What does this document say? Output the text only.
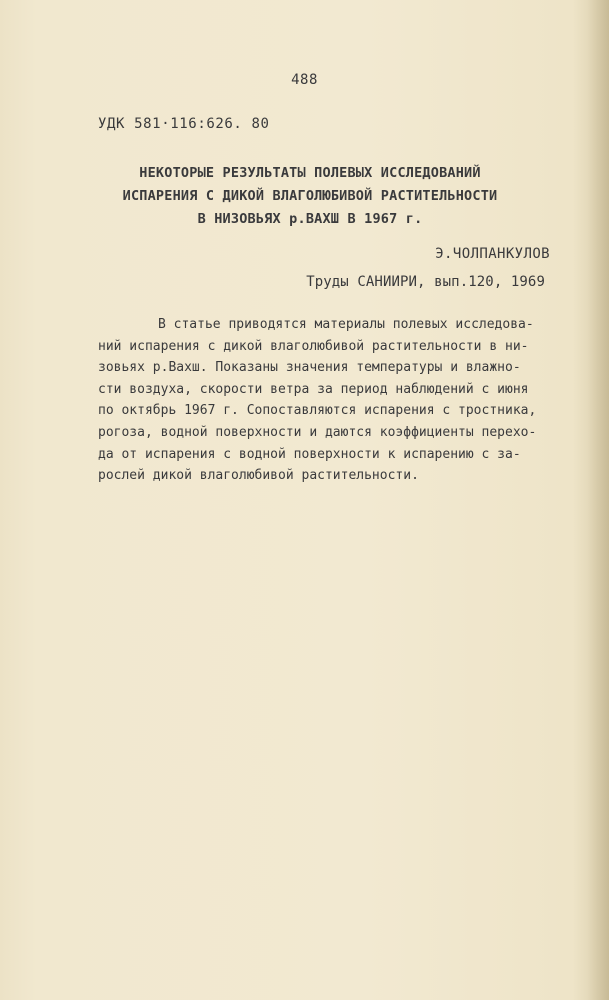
488
УДК 581·116:626. 80
НЕКОТОРЫЕ РЕЗУЛЬТАТЫ ПОЛЕВЫХ ИССЛЕДОВАНИЙ
ИСПАРЕНИЯ С ДИКОЙ ВЛАГОЛЮБИВОЙ РАСТИТЕЛЬНОСТИ
В НИЗОВЬЯХ р.ВАХШ В 1967 г.
Э.ЧОЛПАНКУЛОВ
Труды САНИИРИ, вып.120, 1969
В статье приводятся материалы полевых исследова-
ний испарения с дикой влаголюбивой растительности в ни-
зовьях р.Вахш. Показаны значения температуры и влажно-
сти воздуха, скорости ветра за период наблюдений с июня
по октябрь 1967 г. Сопоставляются испарения с тростника,
рогоза, водной поверхности и даются коэффициенты перехо-
да от испарения с водной поверхности к испарению с за-
рослей дикой влаголюбивой растительности.
